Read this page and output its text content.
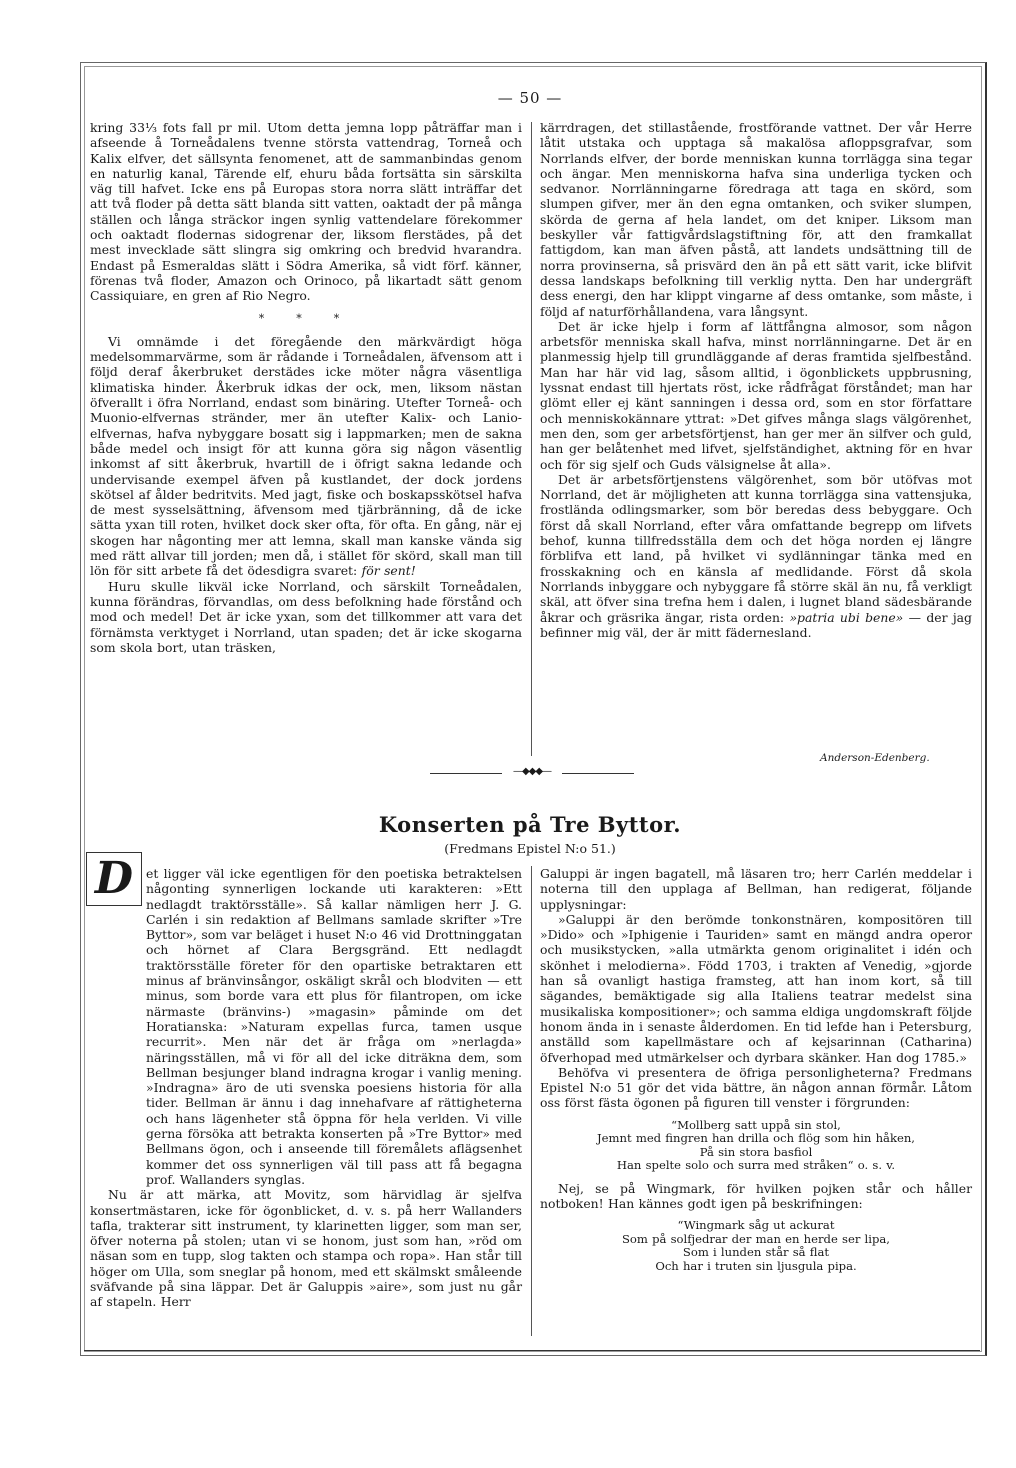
— 50 —

kring 33⅓ fots fall pr mil. Utom detta jemna lopp påträffar man i afseende å Torneådalens tvenne största vattendrag, Torneå och Kalix elfver, det sällsynta fenomenet, att de sammanbindas genom en naturlig kanal, Tärende elf, ehuru båda fortsätta sin särskilta väg till hafvet. Icke ens på Europas stora norra slätt inträffar det att två floder på detta sätt blanda sitt vatten, oaktadt der på många ställen och långa sträckor ingen synlig vattendelare förekommer och oaktadt flodernas sidogrenar der, liksom flerstädes, på det mest invecklade sätt slingra sig omkring och bredvid hvarandra. Endast på Esmeraldas slätt i Södra Amerika, så vidt förf. känner, förenas två floder, Amazon och Orinoco, på likartadt sätt genom Cassiquiare, en gren af Rio Negro.

* * *

Vi omnämde i det föregående den märkvärdigt höga medelsommarvärme, som är rådande i Torneådalen, äfvensom att i följd deraf åkerbruket derstädes icke möter några väsentliga klimatiska hinder. Åkerbruk idkas der ock, men, liksom nästan öfverallt i öfra Norrland, endast som binäring. Utefter Torneå- och Muonio-elfvernas stränder, mer än utefter Kalix- och Lanio-elfvernas, hafva nybyggare bosatt sig i lappmarken; men de sakna både medel och insigt för att kunna göra sig någon väsentlig inkomst af sitt åkerbruk, hvartill de i öfrigt sakna ledande och undervisande exempel äfven på kustlandet, der dock jordens skötsel af ålder bedritvits. Med jagt, fiske och boskapsskötsel hafva de mest sysselsättning, äfvensom med tjärbränning, då de icke sätta yxan till roten, hvilket dock sker ofta, för ofta. En gång, när ej skogen har någonting mer att lemna, skall man kanske vända sig med rätt allvar till jorden; men då, i stället för skörd, skall man till lön för sitt arbete få det ödesdigra svaret: för sent!

Huru skulle likväl icke Norrland, och särskilt Torneådalen, kunna förändras, förvandlas, om dess befolkning hade förstånd och mod och medel! Det är icke yxan, som det tillkommer att vara det förnämsta verktyget i Norrland, utan spaden; det är icke skogarna som skola bort, utan träsken,

kärrdragen, det stillastående, frostförande vattnet. Der vår Herre låtit utstaka och upptaga så makalösa afloppsgrafvar, som Norrlands elfver, der borde menniskan kunna torrlägga sina tegar och ängar. Men menniskorna hafva sina underliga tycken och sedvanor. Norrlänningarne föredraga att taga en skörd, som slumpen gifver, mer än den egna omtanken, och sviker slumpen, skörda de gerna af hela landet, om det kniper. Liksom man beskyller vår fattigvårdslagstiftning för, att den framkallat fattigdom, kan man äfven påstå, att landets undsättning till de norra provinserna, så prisvärd den än på ett sätt varit, icke blifvit dessa landskaps befolkning till verklig nytta. Den har undergräft dess energi, den har klippt vingarne af dess omtanke, som måste, i följd af naturförhållandena, vara långsynt.

Det är icke hjelp i form af lättfångna almosor, som någon arbetsför menniska skall hafva, minst norrlänningarne. Det är en planmessig hjelp till grundläggande af deras framtida sjelfbestånd. Man har här vid lag, såsom alltid, i ögonblickets uppbrusning, lyssnat endast till hjertats röst, icke rådfrågat förståndet; man har glömt eller ej känt sanningen i dessa ord, som en stor författare och menniskokännare yttrat: »Det gifves många slags välgörenhet, men den, som ger arbetsförtjenst, han ger mer än silfver och guld, han ger belåtenhet med lifvet, sjelfständighet, aktning för en hvar och för sig sjelf och Guds välsignelse åt alla».

Det är arbetsförtjenstens välgörenhet, som bör utöfvas mot Norrland, det är möjligheten att kunna torrlägga sina vattensjuka, frostlända odlingsmarker, som bör beredas dess bebyggare. Och först då skall Norrland, efter våra omfattande begrepp om lifvets behof, kunna tillfredsställa dem och det höga norden ej längre förblifva ett land, på hvilket vi sydlänningar tänka med en frosskakning och en känsla af medlidande. Först då skola Norrlands inbyggare och nybyggare få större skäl än nu, få verkligt skäl, att öfver sina trefna hem i dalen, i lugnet bland sädesbärande åkrar och gräsrika ängar, rista orden: »patria ubi bene» — der jag befinner mig väl, der är mitt fädernesland.

Anderson-Edenberg.
—◆◆◆—
Konserten på Tre Byttor.
(Fredmans Epistel N:o 51.)
D	et ligger väl icke egentligen för den poetiska betraktelsen någonting synnerligen lockande uti karakteren: »Ett nedlagdt traktörsställe». Så kallar nämligen herr J. G. Carlén i sin redaktion af Bellmans samlade skrifter »Tre Byttor», som var beläget i huset N:o 46 vid Drottninggatan och hörnet af Clara Bergsgränd. Ett nedlagdt traktörsställe företer för den opartiske betraktaren ett minus af bränvinsångor, oskäligt skrål och blodviten — ett minus, som borde vara ett plus för filantropen, om icke närmaste (bränvins-) »magasin» påminde om det Horatianska: »Naturam expellas furca, tamen usque recurrit». Men när det är fråga om »nerlagda» näringsställen, må vi för all del icke diträkna dem, som Bellman besjunger bland indragna krogar i vanlig mening. »Indragna» äro de uti svenska poesiens historia för alla tider. Bellman är ännu i dag innehafvare af rättigheterna och hans lägenheter stå öppna för hela verlden. Vi ville gerna försöka att betrakta konserten på »Tre Byttor» med Bellmans ögon, och i anseende till föremålets aflägsenhet kommer det oss synnerligen väl till pass att få begagna prof. Wallanders synglas.

Nu är att märka, att Movitz, som härvidlag är sjelfva konsertmästaren, icke för ögonblicket, d. v. s. på herr Wallanders tafla, trakterar sitt instrument, ty klarinetten ligger, som man ser, öfver noterna på stolen; utan vi se honom, just som han, »röd om näsan som en tupp, slog takten och stampa och ropa». Han står till höger om Ulla, som sneglar på honom, med ett skälmskt småleende sväfvande på sina läppar. Det är Galuppis »aire», som just nu går af stapeln. Herr

Galuppi är ingen bagatell, må läsaren tro; herr Carlén meddelar i noterna till den upplaga af Bellman, han redigerat, följande upplysningar:

»Galuppi är den berömde tonkonstnären, kompositören till »Dido» och »Iphigenie i Tauriden» samt en mängd andra operor och musikstycken, »alla utmärkta genom originalitet i idén och skönhet i melodierna». Född 1703, i trakten af Venedig, »gjorde han så ovanligt hastiga framsteg, att han inom kort, så till sägandes, bemäktigade sig alla Italiens teatrar medelst sina musikaliska kompositioner»; och samma eldiga ungdomskraft följde honom ända in i senaste ålderdomen. En tid lefde han i Petersburg, anställd som kapellmästare och af kejsarinnan (Catharina) öfverhopad med utmärkelser och dyrbara skänker. Han dog 1785.»

Behöfva vi presentera de öfriga personligheterna? Fredmans Epistel N:o 51 gör det vida bättre, än någon annan förmår. Låtom oss först fästa ögonen på figuren till venster i förgrunden:

“Mollberg satt uppå sin stol,
Jemnt med fingren han drilla och flög som hin håken,
På sin stora basfiol
Han spelte solo och surra med stråken“ o. s. v.

Nej, se på Wingmark, för hvilken pojken står och håller notboken! Han kännes godt igen på beskrifningen:

“Wingmark såg ut ackurat
Som på solfjedrar der man en herde ser lipa,
Som i lunden står så flat
Och har i truten sin ljusgula pipa.
